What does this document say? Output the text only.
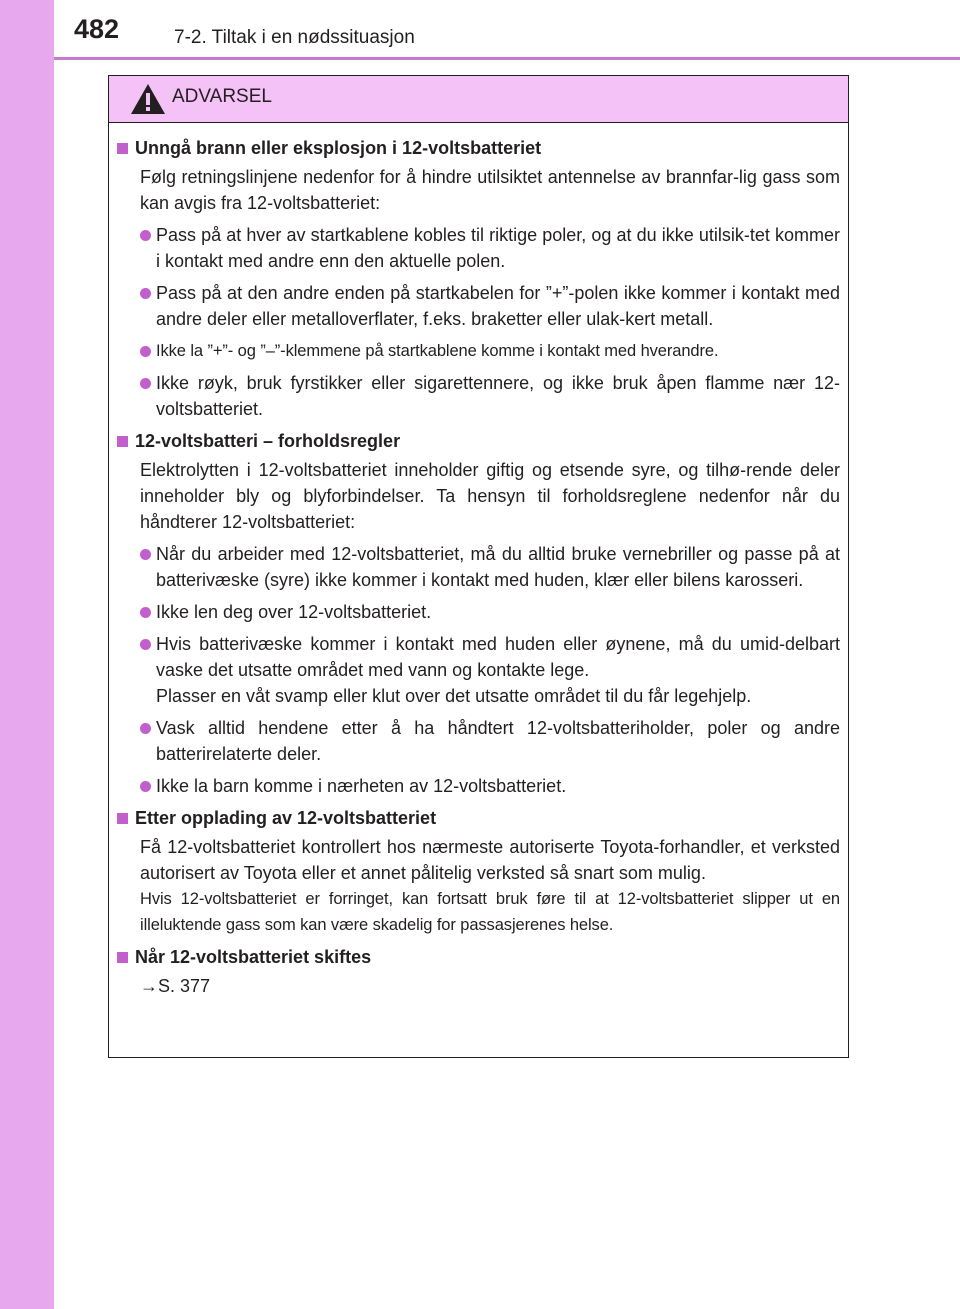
482	7-2. Tiltak i en nødssituasjon
ADVARSEL
Unngå brann eller eksplosjon i 12-voltsbatteriet
Følg retningslinjene nedenfor for å hindre utilsiktet antennelse av brannfar-lig gass som kan avgis fra 12-voltsbatteriet:
Pass på at hver av startkablene kobles til riktige poler, og at du ikke utilsik-tet kommer i kontakt med andre enn den aktuelle polen.
Pass på at den andre enden på startkabelen for ”+”-polen ikke kommer i kontakt med andre deler eller metalloverflater, f.eks. braketter eller ulak-kert metall.
Ikke la ”+”- og ”–”-klemmene på startkablene komme i kontakt med hverandre.
Ikke røyk, bruk fyrstikker eller sigarettennere, og ikke bruk åpen flamme nær 12-voltsbatteriet.
12-voltsbatteri – forholdsregler
Elektrolytten i 12-voltsbatteriet inneholder giftig og etsende syre, og tilhø-rende deler inneholder bly og blyforbindelser. Ta hensyn til forholdsreglene nedenfor når du håndterer 12-voltsbatteriet:
Når du arbeider med 12-voltsbatteriet, må du alltid bruke vernebriller og passe på at batterivæske (syre) ikke kommer i kontakt med huden, klær eller bilens karosseri.
Ikke len deg over 12-voltsbatteriet.
Hvis batterivæske kommer i kontakt med huden eller øynene, må du umid-delbart vaske det utsatte området med vann og kontakte lege.
Plasser en våt svamp eller klut over det utsatte området til du får legehjelp.
Vask alltid hendene etter å ha håndtert 12-voltsbatteriholder, poler og andre batterirelaterte deler.
Ikke la barn komme i nærheten av 12-voltsbatteriet.
Etter opplading av 12-voltsbatteriet
Få 12-voltsbatteriet kontrollert hos nærmeste autoriserte Toyota-forhandler, et verksted autorisert av Toyota eller et annet pålitelig verksted så snart som mulig.
Hvis 12-voltsbatteriet er forringet, kan fortsatt bruk føre til at 12-voltsbatteriet slipper ut en illeluktende gass som kan være skadelig for passasjerenes helse.
Når 12-voltsbatteriet skiftes
→S. 377
